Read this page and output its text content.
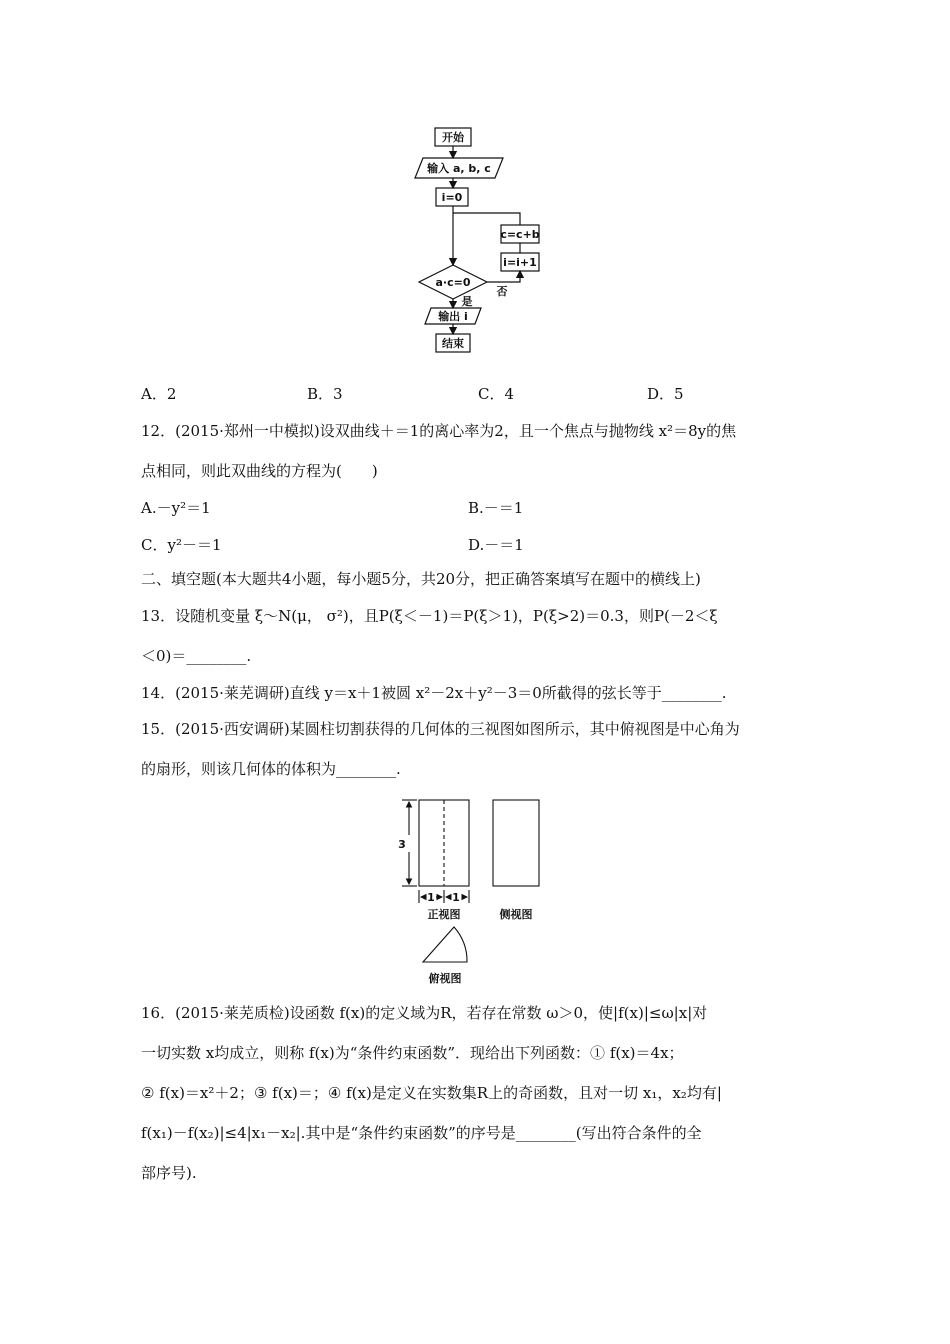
开始
输入 a, b, c
i=0
c=c+b
i=i+1
a·c=0
是
否
输出 i
结束
A．2	B．3	C．4	D．5
12．(2015·郑州一中模拟)设双曲线＋＝1的离心率为2，且一个焦点与抛物线 x²＝8y的焦
点相同，则此双曲线的方程为(　　)
A.－y²＝1	B.－＝1
C．y²－＝1	D.－＝1
二、填空题(本大题共4小题，每小题5分，共20分，把正确答案填写在题中的横线上)
13．设随机变量 ξ～N(μ， σ²)，且P(ξ＜－1)＝P(ξ＞1)，P(ξ>2)＝0.3，则P(－2＜ξ
＜0)＝________.
14．(2015·莱芜调研)直线 y＝x＋1被圆 x²－2x＋y²－3＝0所截得的弦长等于________.
15．(2015·西安调研)某圆柱切割获得的几何体的三视图如图所示，其中俯视图是中心角为
的扇形，则该几何体的体积为________.
3
1 1
正视图	侧视图
俯视图
16．(2015·莱芜质检)设函数 f(x)的定义域为R，若存在常数 ω＞0，使|f(x)|≤ω|x|对
一切实数 x均成立，则称 f(x)为“条件约束函数”．现给出下列函数：① f(x)＝4x；
② f(x)＝x²＋2；③ f(x)＝；④ f(x)是定义在实数集R上的奇函数，且对一切 x₁，x₂均有|
f(x₁)－f(x₂)|≤4|x₁－x₂|.其中是“条件约束函数”的序号是________(写出符合条件的全
部序号).
